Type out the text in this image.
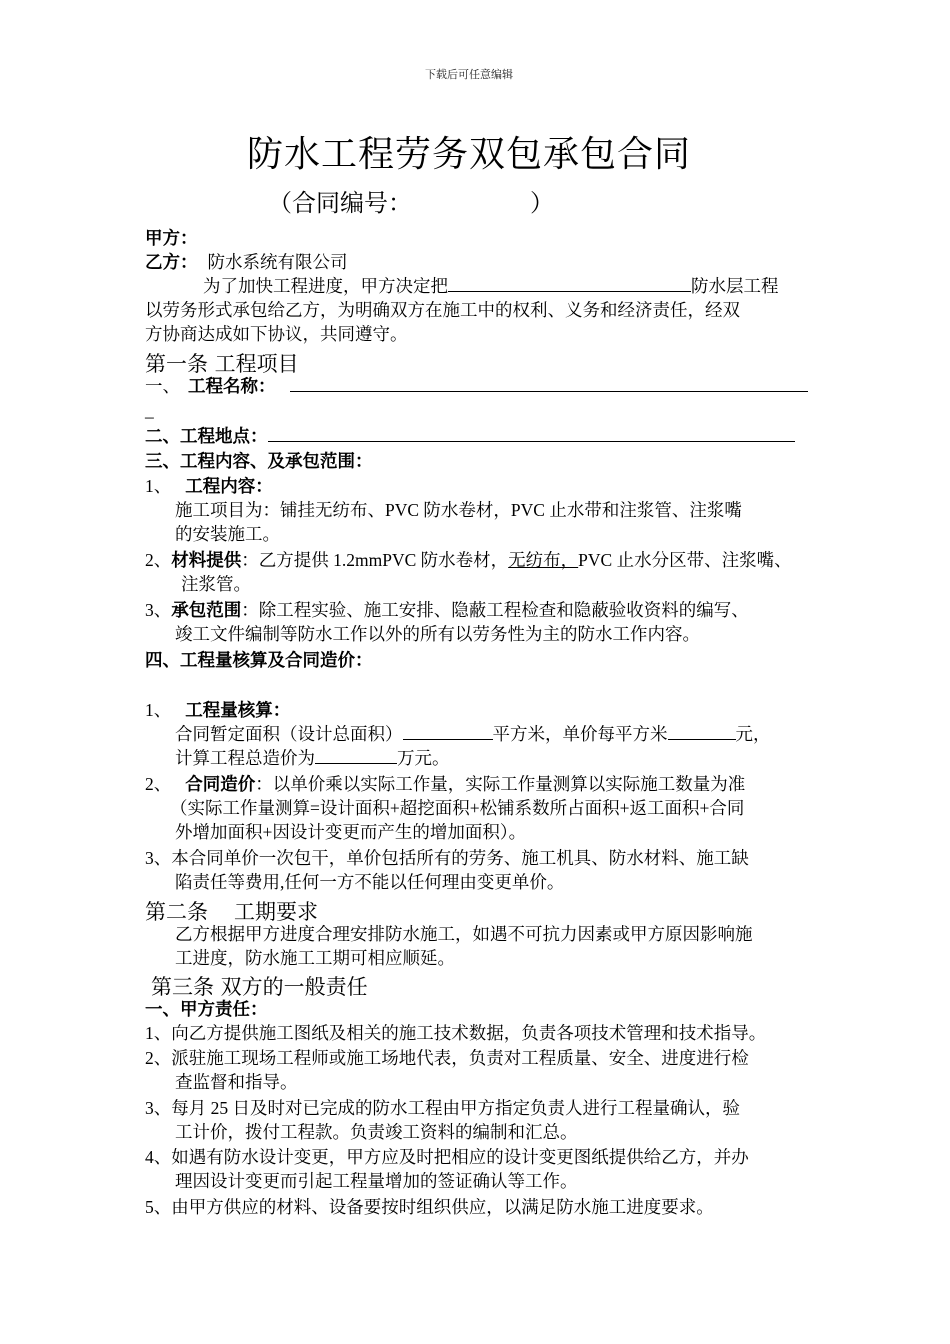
下载后可任意编辑
防水工程劳务双包承包合同
（合同编号：	）
甲方：
乙方： 防水系统有限公司
为了加快工程进度，甲方决定把	防水层工程
以劳务形式承包给乙方，为明确双方在施工中的权利、义务和经济责任，经双
方协商达成如下协议，共同遵守。
第一条 工程项目
一、 工程名称：
_
二、工程地点：
三、工程内容、及承包范围：
1、 工程内容：
施工项目为：铺挂无纺布、PVC 防水卷材，PVC 止水带和注浆管、注浆嘴
的安装施工。
2、材料提供：乙方提供 1.2mmPVC 防水卷材，无纺布，PVC 止水分区带、注浆嘴、
注浆管。
3、承包范围：除工程实验、施工安排、隐蔽工程检查和隐蔽验收资料的编写、
竣工文件编制等防水工作以外的所有以劳务性为主的防水工作内容。
四、工程量核算及合同造价：
1、 工程量核算：
合同暂定面积（设计总面积）	平方米，单价每平方米	元，
计算工程总造价为	万元。
2、 合同造价：以单价乘以实际工作量，实际工作量测算以实际施工数量为准
（实际工作量测算=设计面积+超挖面积+松铺系数所占面积+返工面积+合同
外增加面积+因设计变更而产生的增加面积）。
3、本合同单价一次包干，单价包括所有的劳务、施工机具、防水材料、施工缺
陷责任等费用,任何一方不能以任何理由变更单价。
第二条 工期要求
乙方根据甲方进度合理安排防水施工，如遇不可抗力因素或甲方原因影响施
工进度，防水施工工期可相应顺延。
第三条 双方的一般责任
一、甲方责任：
1、向乙方提供施工图纸及相关的施工技术数据，负责各项技术管理和技术指导。
2、派驻施工现场工程师或施工场地代表，负责对工程质量、安全、进度进行检
查监督和指导。
3、每月 25 日及时对已完成的防水工程由甲方指定负责人进行工程量确认，验
工计价，拨付工程款。负责竣工资料的编制和汇总。
4、如遇有防水设计变更，甲方应及时把相应的设计变更图纸提供给乙方，并办
理因设计变更而引起工程量增加的签证确认等工作。
5、由甲方供应的材料、设备要按时组织供应，以满足防水施工进度要求。
